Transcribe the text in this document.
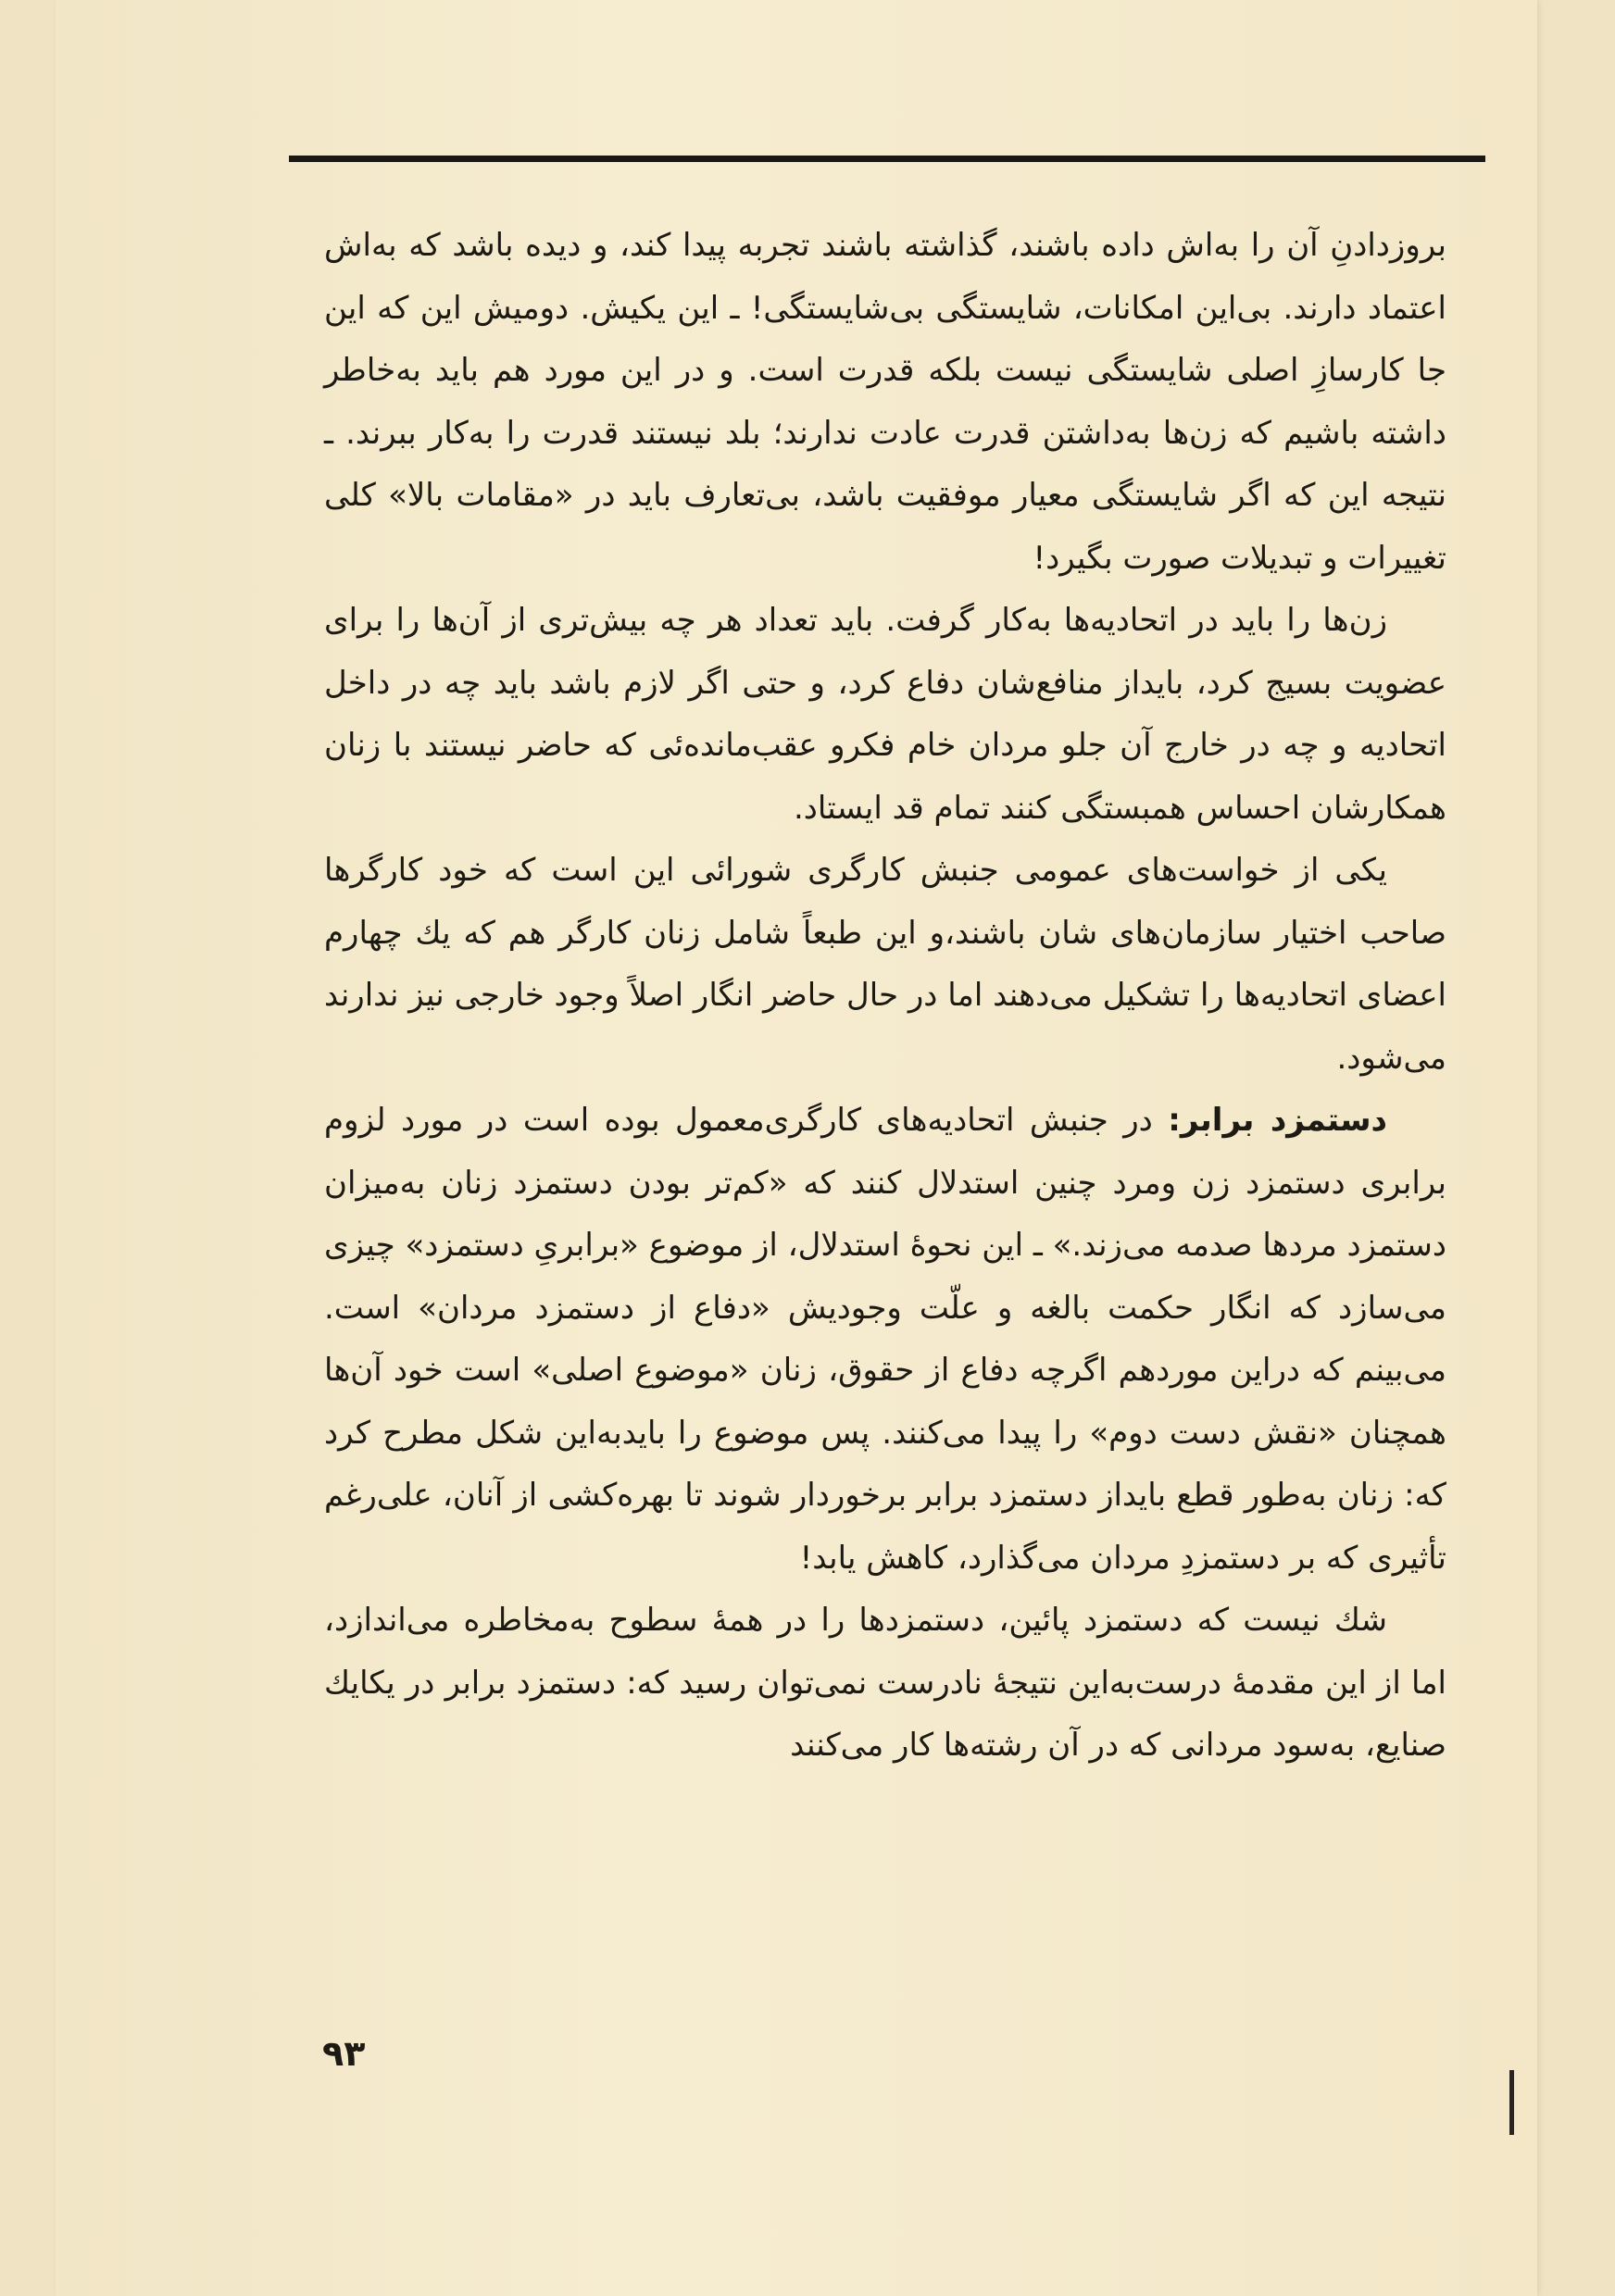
بروزدادنِ آن را به‌اش داده باشند، گذاشته باشند تجربه پیدا کند، و دیده باشد که به‌اش اعتماد دارند. بی‌این امکانات، شایستگی بی‌شایستگی! ـ این یکیش. دومیش این که این جا کارسازِ اصلی شایستگی نیست بلکه قدرت است. و در این مورد هم باید به‌خاطر داشته باشیم که زن‌ها به‌داشتن قدرت عادت ندارند؛ بلد نیستند قدرت را به‌کار ببرند. ـ نتیجه این که اگر شایستگی معیار موفقیت باشد، بی‌تعارف باید در «مقامات بالا» کلی تغییرات و تبدیلات صورت بگیرد!

زن‌ها را باید در اتحادیه‌ها به‌کار گرفت. باید تعداد هر چه بیش‌تری از آن‌ها را برای عضویت بسیج کرد، بایداز منافع‌شان دفاع کرد، و حتی اگر لازم باشد باید چه در داخل اتحادیه و چه در خارج آن جلو مردان خام فکرو عقب‌مانده‌ئی که حاضر نیستند با زنان همکارشان احساس همبستگی کنند تمام قد ایستاد.

یکی از خواست‌های عمومی جنبش کارگری شورائی این است که خود کارگرها صاحب اختیار سازمان‌های شان باشند،و این طبعاً شامل زنان کارگر هم که یك چهارم اعضای اتحادیه‌ها را تشکیل می‌دهند اما در حال حاضر انگار اصلاً وجود خارجی نیز ندارند می‌شود.

دستمزد برابر: در جنبش اتحادیه‌های کارگری‌معمول بوده است در مورد لزوم برابری دستمزد زن ومرد چنین استدلال کنند که «کم‌تر بودن دستمزد زنان به‌میزان دستمزد مردها صدمه می‌زند.» ـ این نحوهٔ استدلال، از موضوع «برابریِ دستمزد» چیزی می‌سازد که انگار حکمت بالغه و علّت وجودیش «دفاع از دستمزد مردان» است. می‌بینم که دراین موردهم اگرچه دفاع از حقوق، زنان «موضوع اصلی» است خود آن‌ها همچنان «نقش دست دوم» را پیدا می‌کنند. پس موضوع را بایدبه‌این شکل مطرح کرد که: زنان به‌طور قطع بایداز دستمزد برابر برخوردار شوند تا بهره‌کشی از آنان، علی‌رغم تأثیری که بر دستمزدِ مردان می‌گذارد، کاهش یابد!

شك نیست که دستمزد پائین، دستمزدها را در همهٔ سطوح به‌مخاطره می‌اندازد، اما از این مقدمهٔ درست‌به‌این نتیجهٔ نادرست نمی‌توان رسید که: دستمزد برابر در یکایك صنایع، به‌سود مردانی که در آن رشته‌ها کار می‌کنند

۹۳
